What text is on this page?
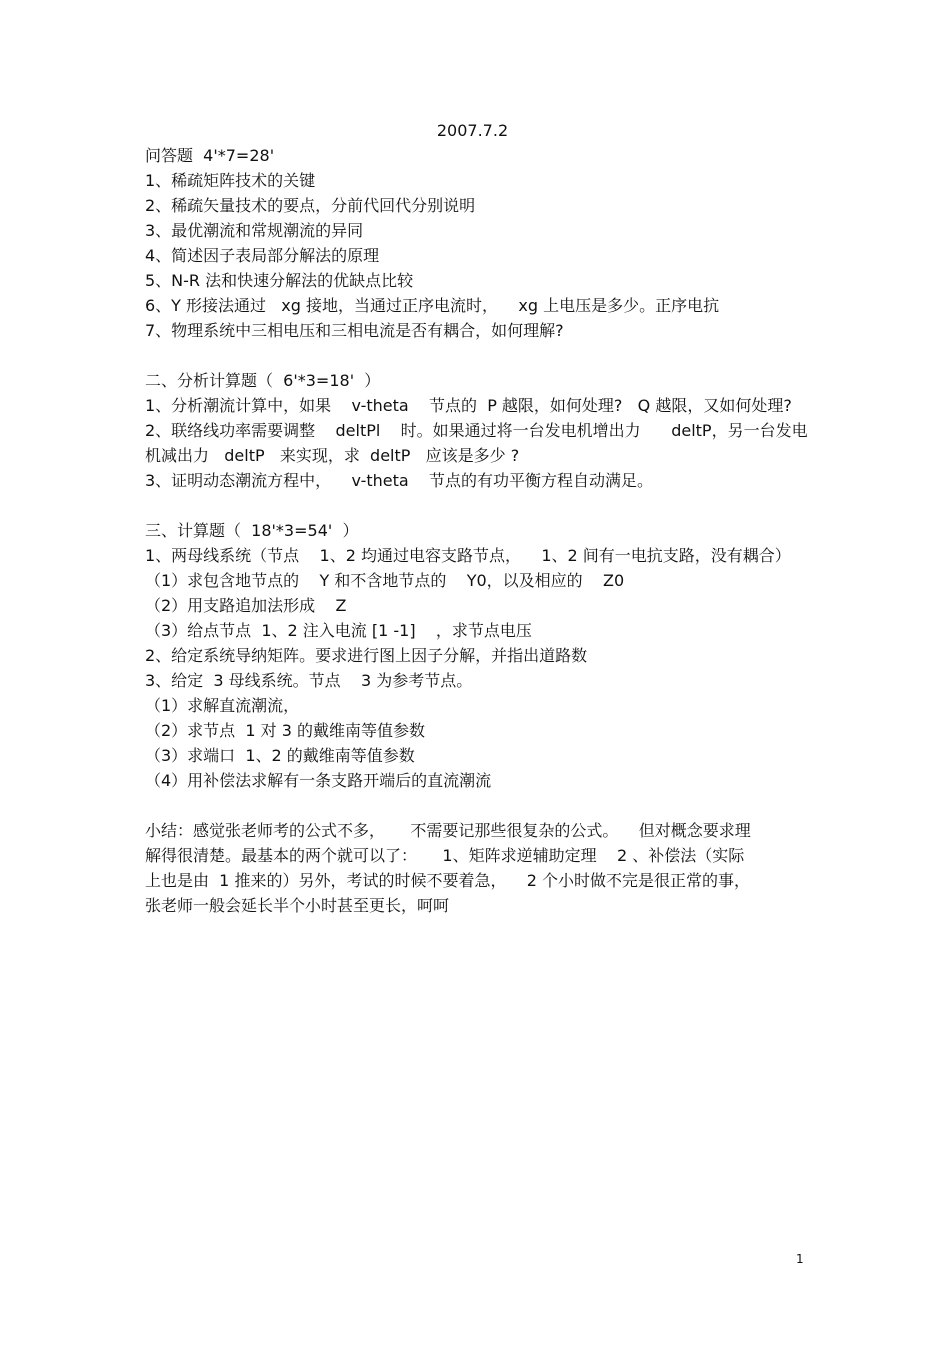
2007.7.2
问答题  4'*7=28'
1、稀疏矩阵技术的关键
2、稀疏矢量技术的要点，分前代回代分别说明
3、最优潮流和常规潮流的异同
4、简述因子表局部分解法的原理
5、N-R 法和快速分解法的优缺点比较
6、Y 形接法通过   xg 接地，当通过正序电流时，    xg 上电压是多少。正序电抗
7、物理系统中三相电压和三相电流是否有耦合，如何理解?
二、分析计算题（  6'*3=18'  ）
1、分析潮流计算中，如果    v-theta    节点的  P 越限，如何处理?   Q 越限，又如何处理?
2、联络线功率需要调整    deltPl    时。如果通过将一台发电机增出力      deltP，另一台发电机减出力   deltP   来实现，求  deltP   应该是多少 ?
3、证明动态潮流方程中，    v-theta    节点的有功平衡方程自动满足。
三、计算题（  18'*3=54'  ）
1、两母线系统（节点    1、2 均通过电容支路节点，    1、2 间有一电抗支路，没有耦合）
（1）求包含地节点的    Y 和不含地节点的    Y0，以及相应的    Z0
（2）用支路追加法形成    Z
（3）给点节点  1、2 注入电流 [1 -1]    ，求节点电压
2、给定系统导纳矩阵。要求进行图上因子分解，并指出道路数
3、给定  3 母线系统。节点    3 为参考节点。
（1）求解直流潮流，
（2）求节点  1 对 3 的戴维南等值参数
（3）求端口  1、2 的戴维南等值参数
（4）用补偿法求解有一条支路开端后的直流潮流
小结：感觉张老师考的公式不多，     不需要记那些很复杂的公式。    但对概念要求理
解得很清楚。最基本的两个就可以了：     1、矩阵求逆辅助定理    2 、补偿法（实际
上也是由  1 推来的）另外，考试的时候不要着急，    2 个小时做不完是很正常的事，
张老师一般会延长半个小时甚至更长，呵呵
1
